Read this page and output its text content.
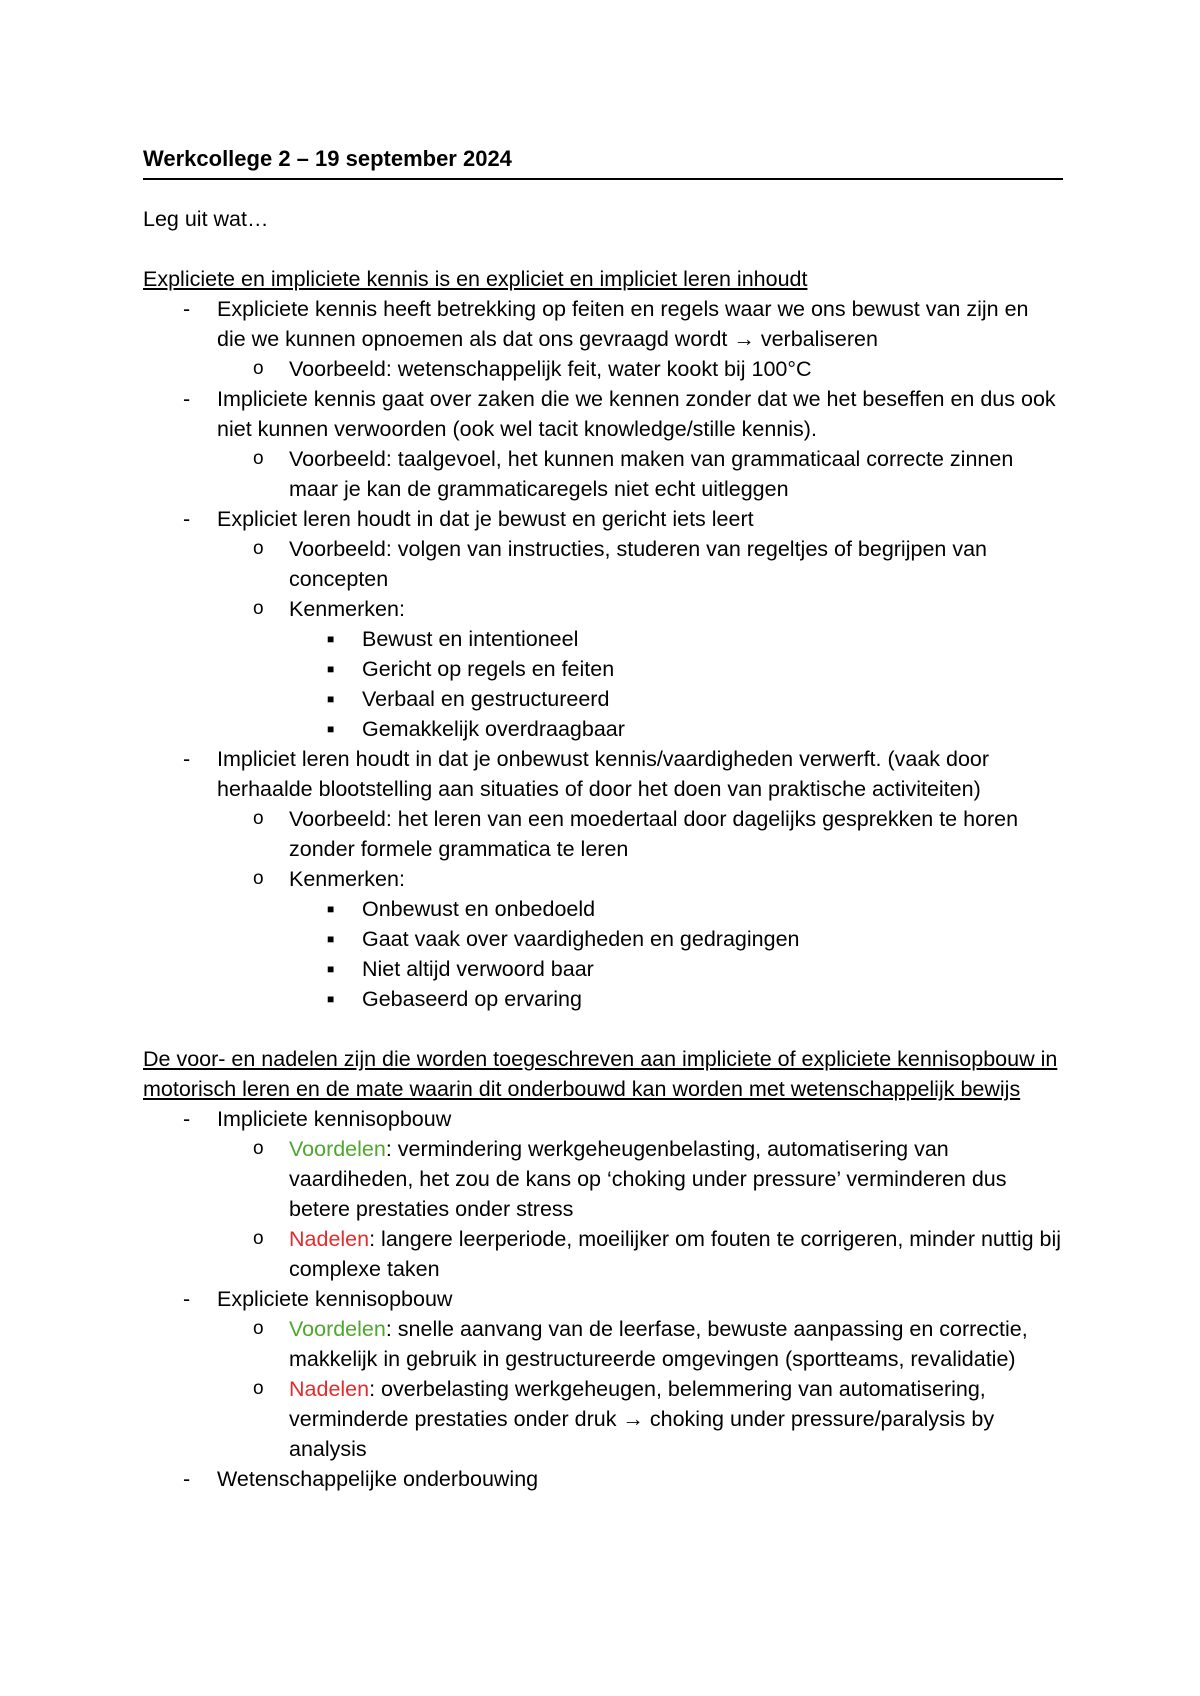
Werkcollege 2 – 19 september 2024
Leg uit wat…
Expliciete en impliciete kennis is en expliciet en impliciet leren inhoudt
- Expliciete kennis heeft betrekking op feiten en regels waar we ons bewust van zijn en die we kunnen opnoemen als dat ons gevraagd wordt → verbaliseren
o Voorbeeld: wetenschappelijk feit, water kookt bij 100°C
- Impliciete kennis gaat over zaken die we kennen zonder dat we het beseffen en dus ook niet kunnen verwoorden (ook wel tacit knowledge/stille kennis).
o Voorbeeld: taalgevoel, het kunnen maken van grammaticaal correcte zinnen maar je kan de grammaticaregels niet echt uitleggen
- Expliciet leren houdt in dat je bewust en gericht iets leert
o Voorbeeld: volgen van instructies, studeren van regeltjes of begrijpen van concepten
o Kenmerken:
■ Bewust en intentioneel
■ Gericht op regels en feiten
■ Verbaal en gestructureerd
■ Gemakkelijk overdraagbaar
- Impliciet leren houdt in dat je onbewust kennis/vaardigheden verwerft. (vaak door herhaalde blootstelling aan situaties of door het doen van praktische activiteiten)
o Voorbeeld: het leren van een moedertaal door dagelijks gesprekken te horen zonder formele grammatica te leren
o Kenmerken:
■ Onbewust en onbedoeld
■ Gaat vaak over vaardigheden en gedragingen
■ Niet altijd verwoord baar
■ Gebaseerd op ervaring
De voor- en nadelen zijn die worden toegeschreven aan impliciete of expliciete kennisopbouw in motorisch leren en de mate waarin dit onderbouwd kan worden met wetenschappelijk bewijs
- Impliciete kennisopbouw
o Voordelen: vermindering werkgeheugenbelasting, automatisering van vaardiheden, het zou de kans op ‘choking under pressure’ verminderen dus betere prestaties onder stress
o Nadelen: langere leerperiode, moeilijker om fouten te corrigeren, minder nuttig bij complexe taken
- Expliciete kennisopbouw
o Voordelen: snelle aanvang van de leerfase, bewuste aanpassing en correctie, makkelijk in gebruik in gestructureerde omgevingen (sportteams, revalidatie)
o Nadelen: overbelasting werkgeheugen, belemmering van automatisering, verminderde prestaties onder druk → choking under pressure/paralysis by analysis
- Wetenschappelijke onderbouwing
